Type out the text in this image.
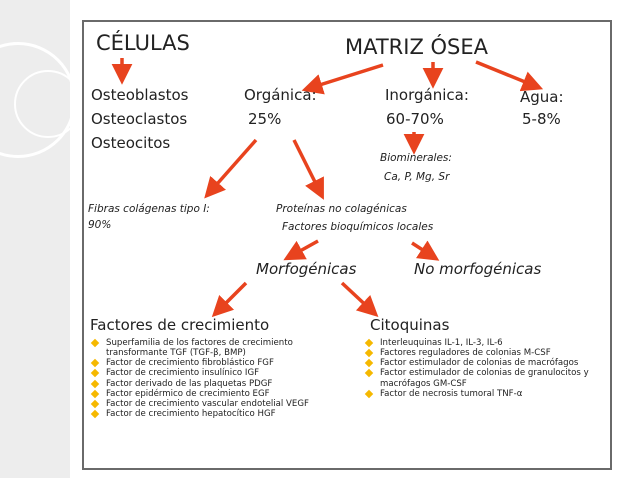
CÉLULAS	MATRIZ ÓSEA
Osteoblastos
Osteoclastos
Osteocitos
Orgánica:
25%
Inorgánica:
60-70%
Agua:
5-8%
Biominerales:
Ca, P, Mg, Sr
Fibras colágenas tipo I:
90%
Proteínas no colagénicas
Factores bioquímicos locales
Morfogénicas	No morfogénicas
Factores de crecimiento
Superfamilia de los factores de crecimiento transformante TGF (TGF-β, BMP)
Factor de crecimiento fibroblástico FGF
Factor de crecimiento insulínico IGF
Factor derivado de las plaquetas PDGF
Factor epidérmico de crecimiento EGF
Factor de crecimiento vascular endotelial VEGF
Factor de crecimiento hepatocítico HGF
Citoquinas
Interleuquinas IL-1, IL-3, IL-6
Factores reguladores de colonias M-CSF
Factor estimulador de colonias de macrófagos
Factor estimulador de colonias de granulocitos y macrófagos GM-CSF
Factor de necrosis tumoral TNF-α
